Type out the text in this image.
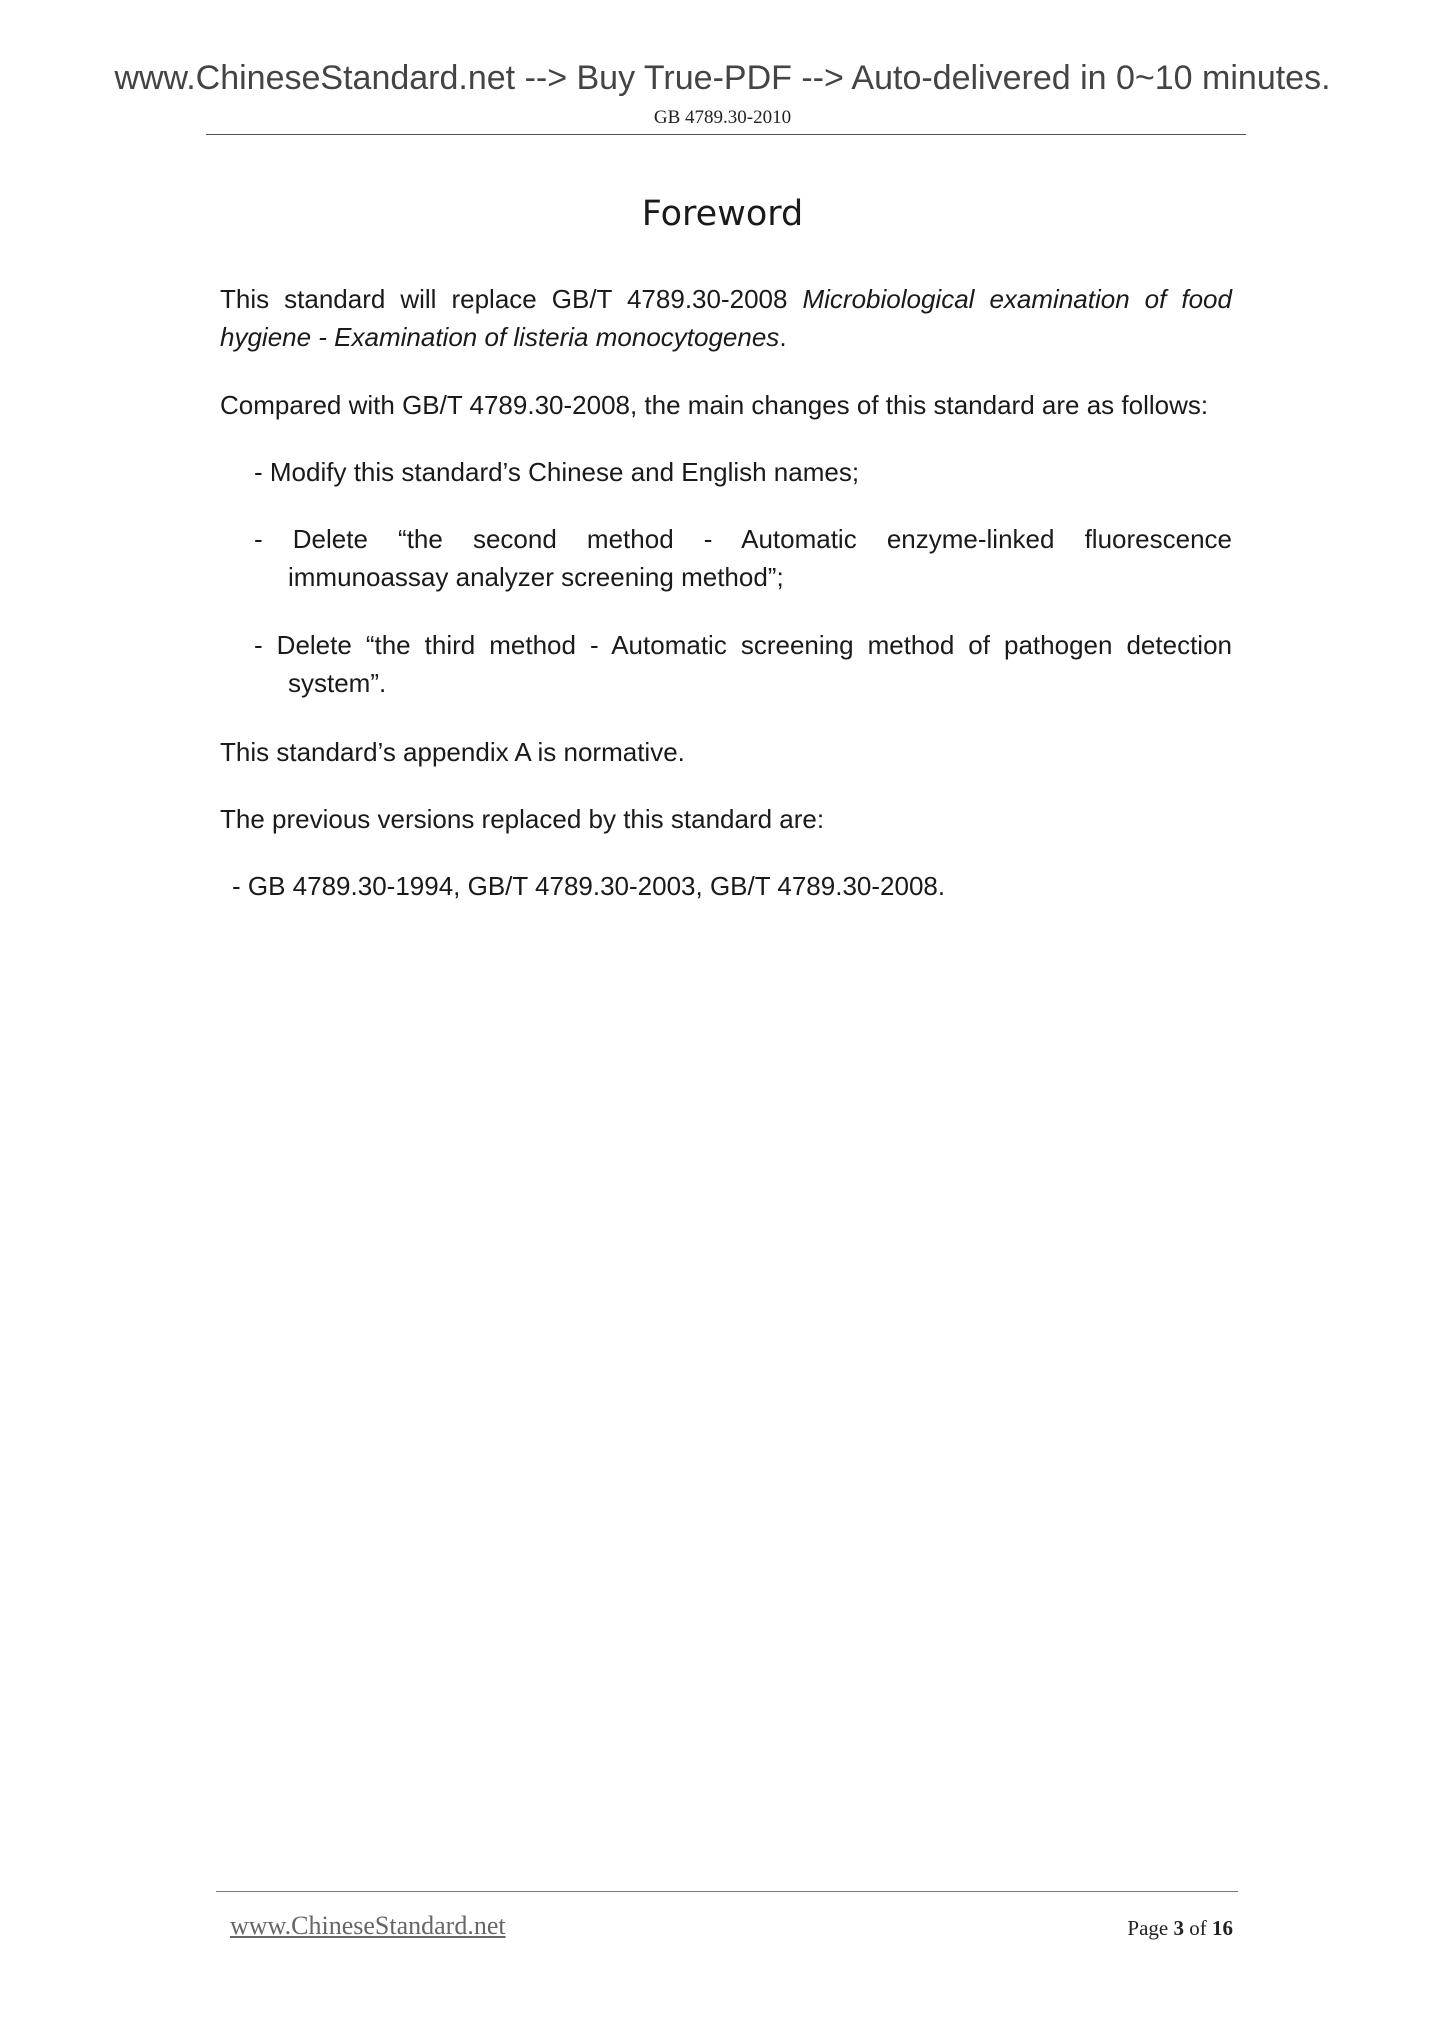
www.ChineseStandard.net --> Buy True-PDF --> Auto-delivered in 0~10 minutes.
GB 4789.30-2010
Foreword
This standard will replace GB/T 4789.30-2008 Microbiological examination of food hygiene - Examination of listeria monocytogenes.
Compared with GB/T 4789.30-2008, the main changes of this standard are as follows:
- Modify this standard’s Chinese and English names;
- Delete “the second method - Automatic enzyme-linked fluorescence
immunoassay analyzer screening method”;
- Delete “the third method - Automatic screening method of pathogen detection
system”.
This standard’s appendix A is normative.
The previous versions replaced by this standard are:
- GB 4789.30-1994, GB/T 4789.30-2003, GB/T 4789.30-2008.
www.ChineseStandard.net	Page 3 of 16
